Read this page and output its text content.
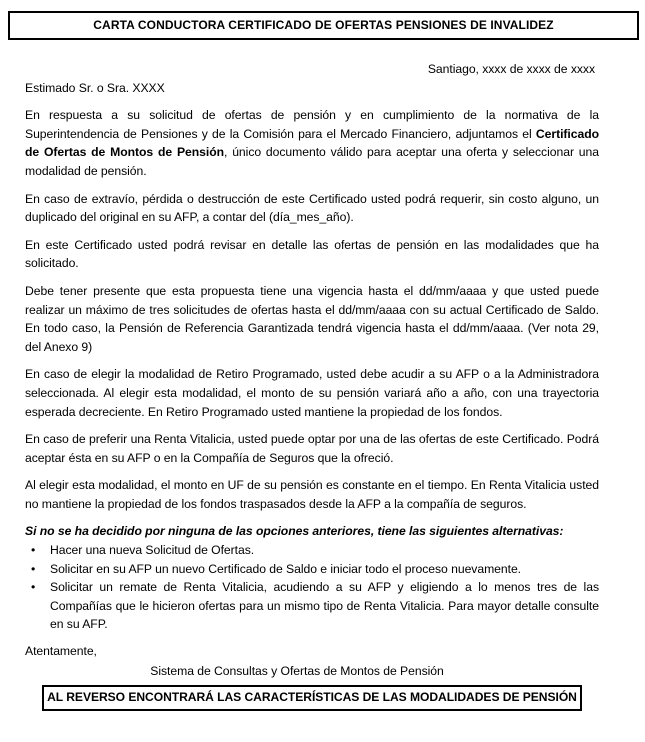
CARTA CONDUCTORA CERTIFICADO DE OFERTAS PENSIONES DE INVALIDEZ
Santiago, xxxx de xxxx de xxxx
Estimado Sr. o Sra. XXXX

En respuesta a su solicitud de ofertas de pensión y en cumplimiento de la normativa de la Superintendencia de Pensiones y de la Comisión para el Mercado Financiero, adjuntamos el Certificado de Ofertas de Montos de Pensión, único documento válido para aceptar una oferta y seleccionar una modalidad de pensión.

En caso de extravío, pérdida o destrucción de este Certificado usted podrá requerir, sin costo alguno, un duplicado del original en su AFP, a contar del (día_mes_año).

En este Certificado usted podrá revisar en detalle las ofertas de pensión en las modalidades que ha solicitado.

Debe tener presente que esta propuesta tiene una vigencia hasta el dd/mm/aaaa y que usted puede realizar un máximo de tres solicitudes de ofertas hasta el dd/mm/aaaa con su actual Certificado de Saldo. En todo caso, la Pensión de Referencia Garantizada tendrá vigencia hasta el dd/mm/aaaa. (Ver nota 29, del Anexo 9)

En caso de elegir la modalidad de Retiro Programado, usted debe acudir a su AFP o a la Administradora seleccionada. Al elegir esta modalidad, el monto de su pensión variará año a año, con una trayectoria esperada decreciente. En Retiro Programado usted mantiene la propiedad de los fondos.

En caso de preferir una Renta Vitalicia, usted puede optar por una de las ofertas de este Certificado. Podrá aceptar ésta en su AFP o en la Compañía de Seguros que la ofreció.

Al elegir esta modalidad, el monto en UF de su pensión es constante en el tiempo. En Renta Vitalicia usted no mantiene la propiedad de los fondos traspasados desde la AFP a la compañía de seguros.

Si no se ha decidido por ninguna de las opciones anteriores, tiene las siguientes alternativas:

• Hacer una nueva Solicitud de Ofertas.
• Solicitar en su AFP un nuevo Certificado de Saldo e iniciar todo el proceso nuevamente.
• Solicitar un remate de Renta Vitalicia, acudiendo a su AFP y eligiendo a lo menos tres de las Compañías que le hicieron ofertas para un mismo tipo de Renta Vitalicia. Para mayor detalle consulte en su AFP.
Atentamente,
Sistema de Consultas y Ofertas de Montos de Pensión
AL REVERSO ENCONTRARÁ LAS CARACTERÍSTICAS DE LAS MODALIDADES DE PENSIÓN
